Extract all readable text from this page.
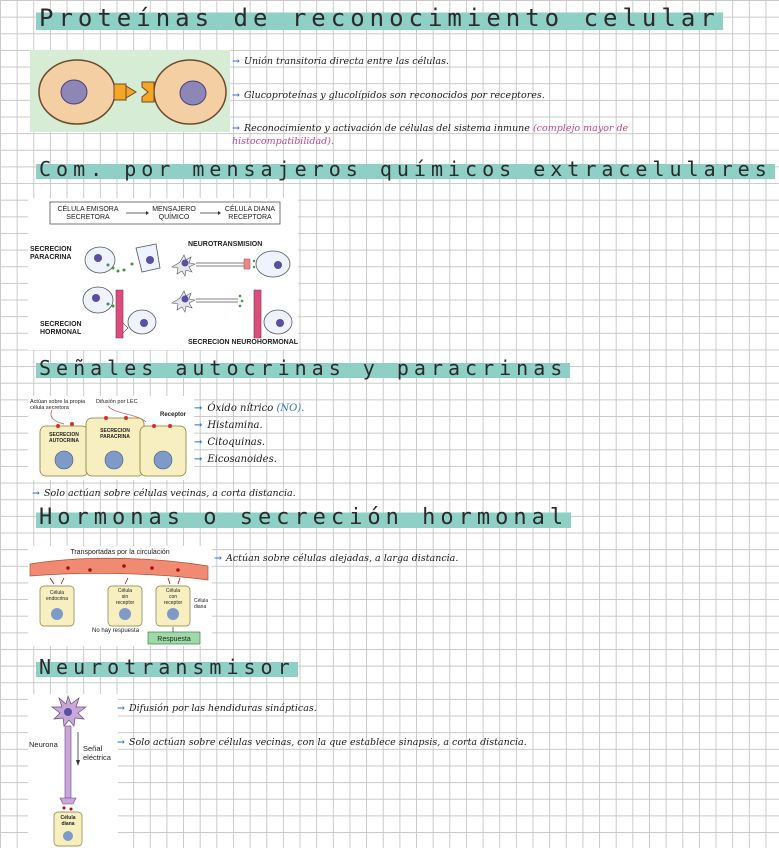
Proteínas de reconocimiento celular
→ Unión transitoria directa entre las células.
→ Glucoproteínas y glucolípidos son reconocidos por receptores.
→ Reconocimiento y activación de células del sistema inmune (complejo mayor de histocompatibilidad).
Com. por mensajeros químicos extracelulares
CÉLULA EMISORA
SECRETORA
MENSAJERO
QUÍMICO
CÉLULA DIANA
RECEPTORA
SECRECION
PARACRINA
NEUROTRANSMISION
SECRECION
HORMONAL
SECRECION NEUROHORMONAL
Señales autocrinas y paracrinas
Actúan sobre la propia
célula secretora
Difusión por LEC
Receptor
SECRECION
AUTOCRINA
SECRECION
PARACRINA
→ Óxido nítrico (NO).
→ Histamina.
→ Citoquinas.
→ Eicosanoides.
→ Solo actúan sobre células vecinas, a corta distancia.
Hormonas o secreción hormonal
Transportadas por la circulación
Célula
endocrina
Célula
sin
receptor
Célula
con
receptor Célula
diana
No hay respuesta
Respuesta
→ Actúan sobre células alejadas, a larga distancia.
Neurotransmisor
Neurona	Señal
eléctrica
Célula
diana
→ Difusión por las hendiduras sinápticas.
→ Solo actúan sobre células vecinas, con la que establece sinapsis, a corta distancia.
